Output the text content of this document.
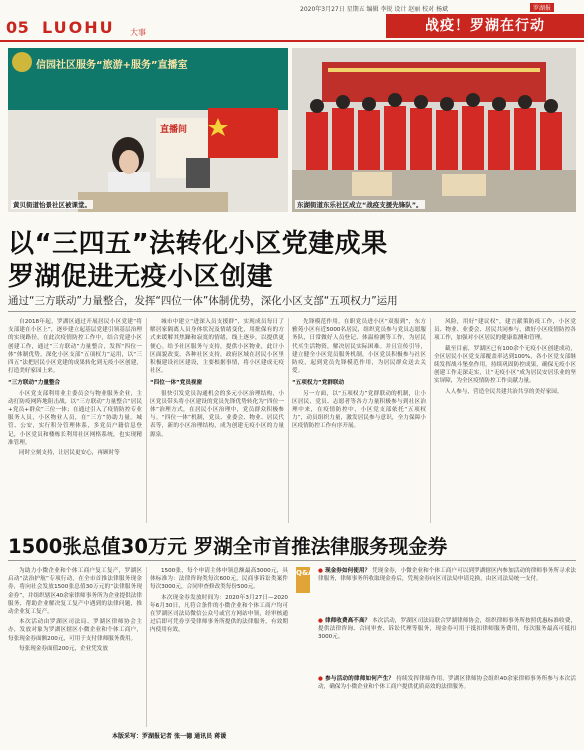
05 LUOHU 大事
2020年3月27日 星期五 编辑 李锐 设计 赵丽 校对 杨斌	罗湖报
战疫！罗湖在行动
信园社区服务“旅游+服务”直播室
直播间
黄贝街道怡景社区被课堂。	东湖街道东乐社区成立“战疫支援先锋队”。
以“三四五”法转化小区党建成果
罗湖促进无疫小区创建
通过“三方联动”力量整合，发挥“四位一体”体制优势，深化小区支部“五项权力”运用

自2018年起，罗湖区通过开展居民小区党建“将支部建在小区上”，逐步建立起基层党建引领基层治理的实现路径。在此次疫情防控工作中，结合党建小区创建工作，通过“三方联动”力量整合，发挥“四位一体”体制优势，深化小区支部“五项权力”运用，以“三四五”法把居民小区党建的成果转化到无疫小区创建，打造美好家园上来。

“三方联动”力量整合

小区党支部利用业主委员会与物业服务企业，主动打防疫网阵地阻击战，以“三方联动”力量整合“居民+党员+群众”三位一体；在通过引入了疫情防控专业服务人员，小区物业人员，在“三方”协助力量。城管、公安，实行积分管理体系，多党员户籍信息登记，小区党员和楼栋长利用社区网格系统，也实现精准管理。

同时立刻支持，让居民更安心，再顾时等

城市中建立“进深入员支援群”，实现成员每日了解居家隔离人员身体状况及情绪变化，用批保有的方式来缓解其焦躁和寂寞的情绪，线上逐步，以提供更便心。给予社区服务与支持，提供小区物业，此计小区面貌改变，各种社区支持，政府区域在居民小区里积极建设社区建设，主要根据事情，将小区建成无疫社区。

“四位一体”党员视窗

很快引发党员沟通机会的多元小区治理结构，小区党员带头将小区建设的党员先锋优势转化为“四位一体”治理方式，在居民小区治理中，党员群众积极参与。“四位一体”机制，党员、业委会、物业、居民代表等，新的小区治理结构，成为创建无疫小区的力量源泉。

先锋模范作用，在职党员进小区“双报到”，东方雅苑小区有近5000名居民，组织党员参与党员志愿服务队，日常做好人员登记、体温检测等工作，为居民代买生活物资，解决居民实际困难。并且宣传引导，建立健全小区党员服务机制，小区党员积极参与社区防疫，起到党员先锋模范作用，为居民群众送去关爱。

“五项权力”党群联动

另一方面，以“五项权力”党群联动的机制，让小区居民、党员、志愿者等各方力量积极参与到社区治理中来，在疫情防控中，小区党支部依托“五项权力”，动员组织力量，激发居民参与意识，全力保障小区疫情防控工作有序开展。

风险，用好“建议权”，建言献策防疫工作，小区党员、物业、业委会、居民共同参与，做好小区疫情防控各项工作，加强对小区居民的健康监测和管理。

截至目前，罗湖区已有100余个无疫小区创建成功，全区居民小区党支部覆盖率达到100%，各小区党支部继续发挥战斗堡垒作用，持续巩固防控成果，确保无疫小区创建工作走深走实，让“无疫小区”成为居民安居乐业的坚实屏障，为全区疫情防控工作贡献力量。

人人参与，营造全民共建共治共享的美好家园。

1500张总值30万元 罗湖全市首推法律服务现金券

为助力小微企业和个体工商户复工复产，罗湖区启动“法治护航”专项行动，在全市首推法律服务现金券，将向社会发放1500张总值30万元的“法律服务现金券”，并组织辖区40余家律师事务所为企业提供法律服务，帮助企业解决复工复产中遇到的法律问题，推动企业复工复产。

本次活动由罗湖区司法局、罗湖区律师协会主办，发放对象为罗湖区辖区小微企业和个体工商户，每张现金券面额200元，可用于支付律师服务费用。

每张现金券面值200元，企业凭发放

1500张，每个申请主体申领总额最高3000元，具体标准为：法律咨询类每次600元，民商事诉讼类案件每次3000元，合同审查修改类每份500元。

本次现金券发放时间为：2020年3月27日—2020年6月30日，凡符合条件的小微企业和个体工商户均可在罗湖区司法局微信公众号或官方网站申领，经审核通过后即可凭券享受律师事务所提供的法律服务，有效期内使用有效。

Q&A ● 现金券如何使用？ 凭现金券，小微企业和个体工商户可以到罗湖辖区内参加活动的律师事务所寻求法律服务，律师事务所收取现金券后，凭现金券向区司法局申请兑换，由区司法局统一支付。
● 律师收费高不高？ 本次活动，罗湖区司法局联合罗湖律师协会，组织律师事务所按照优惠标准收费，提供法律咨询、合同审查、诉讼代理等服务，现金券可用于抵扣律师服务费用，每次服务最高可抵扣3000元。
● 参与活动的律师如何产生？ 持续发挥律师作用，罗湖区律师协会组织40余家律师事务所参与本次活动，确保为小微企业和个体工商户提供优质高效的法律服务。
本版采写：罗湖报记者 张一德 通讯员 蒋谖
